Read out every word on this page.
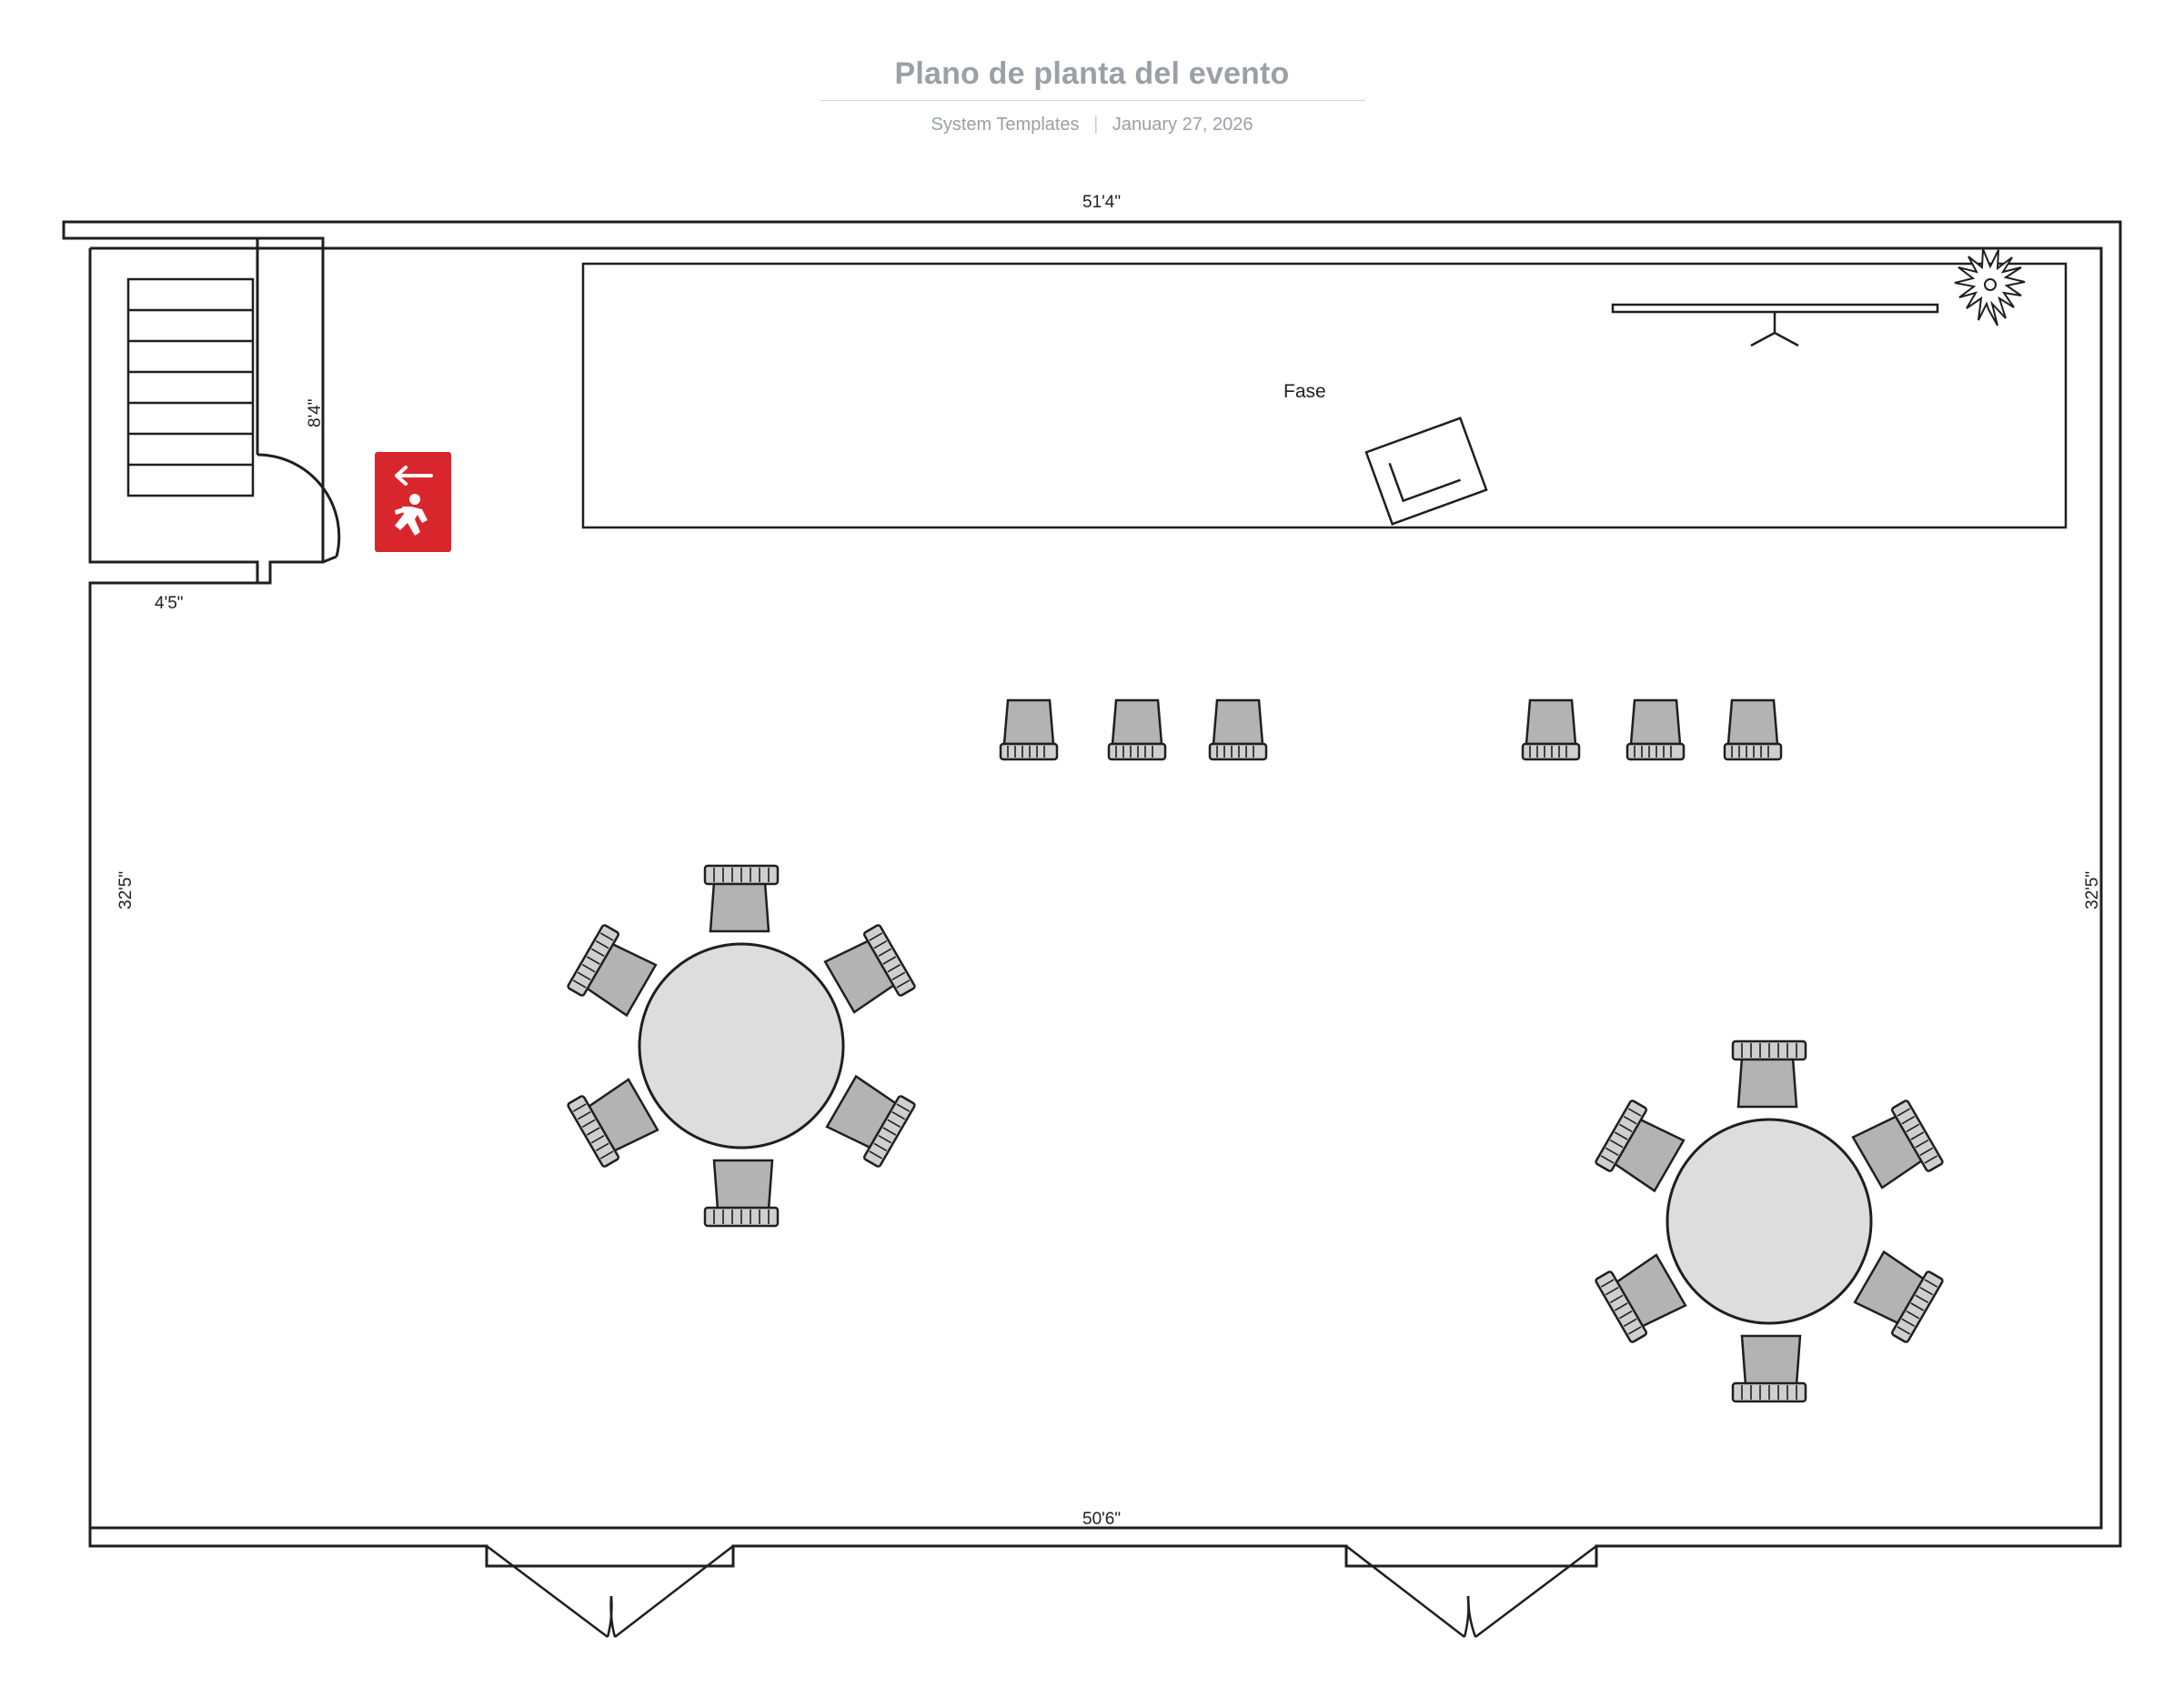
Plano de planta del evento
System Templates | January 27, 2026
51'4"
50'6"
32'5"	32'5"
8'4"
4'5"
Fase
